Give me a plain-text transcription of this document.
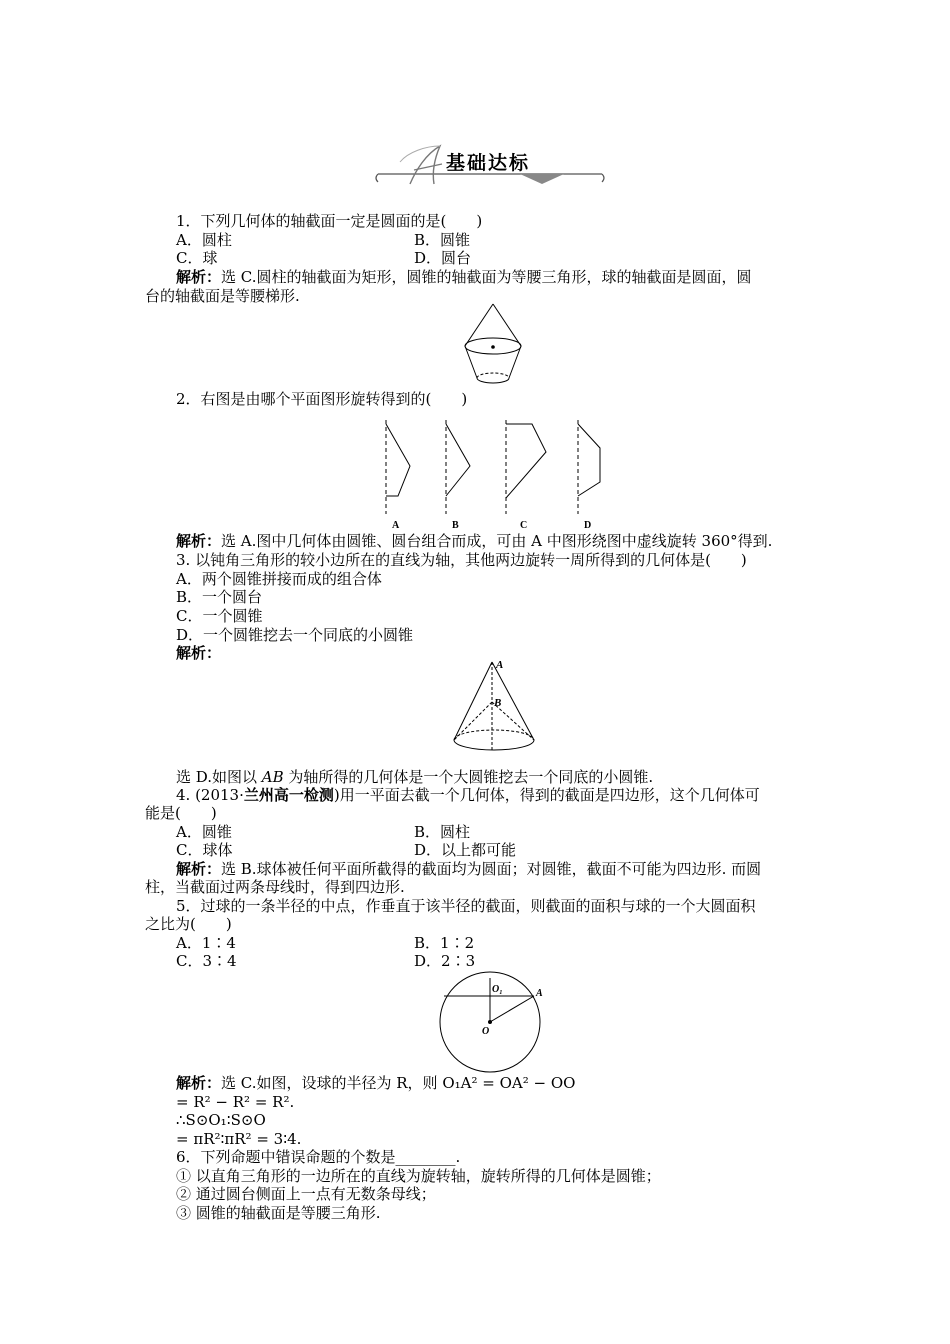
基础达标
1．下列几何体的轴截面一定是圆面的是(　　)
A．圆柱	B．圆锥
C．球	D．圆台
解析：选 C.圆柱的轴截面为矩形，圆锥的轴截面为等腰三角形，球的轴截面是圆面，圆
台的轴截面是等腰梯形.
2．右图是由哪个平面图形旋转得到的(　　)
A	B	C	D
解析：选 A.图中几何体由圆锥、圆台组合而成，可由 A 中图形绕图中虚线旋转 360°得到.
3. 以钝角三角形的较小边所在的直线为轴，其他两边旋转一周所得到的几何体是(　　)
A．两个圆锥拼接而成的组合体
B．一个圆台
C．一个圆锥
D．一个圆锥挖去一个同底的小圆锥
解析：
A
B
选 D.如图以 AB 为轴所得的几何体是一个大圆锥挖去一个同底的小圆锥.
4. (2013·兰州高一检测)用一平面去截一个几何体，得到的截面是四边形，这个几何体可
能是(　　)
A．圆锥	B．圆柱
C．球体	D．以上都可能
解析：选 B.球体被任何平面所截得的截面均为圆面；对圆锥，截面不可能为四边形. 而圆
柱，当截面过两条母线时，得到四边形.
5．过球的一条半径的中点，作垂直于该半径的截面，则截面的面积与球的一个大圆面积
之比为(　　)
A．1∶4	B．1∶2
C．3∶4	D．2∶3
O₁	A
O
解析：选 C.如图，设球的半径为 R，则 O₁A² = OA² − OO
= R² − R² = R².
∴S⊙O₁∶S⊙O
= πR²∶πR² = 3∶4.
6．下列命题中错误命题的个数是________.
① 以直角三角形的一边所在的直线为旋转轴，旋转所得的几何体是圆锥；
② 通过圆台侧面上一点有无数条母线；
③ 圆锥的轴截面是等腰三角形.
